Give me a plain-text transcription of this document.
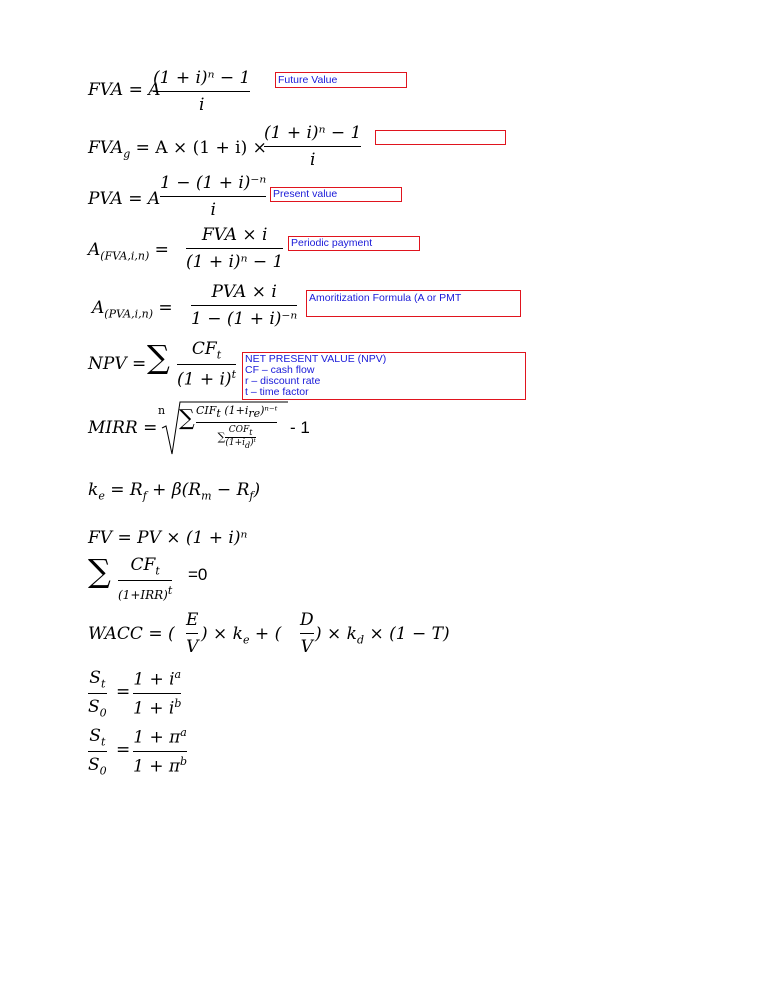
FVA = A
(1 + i)ⁿ − 1
i
Future Value
$FVA_g = A \times (1 + i)$ ×
(1 + i)ⁿ − 1
i
PVA = A
1 − (1 + i)⁻ⁿ
i
Present value
$A_{(FVA,i,n)}$ =
FVA × i
(1 + i)ⁿ − 1
Periodic payment
$A_{(PVA,i,n)}$ =
PVA × i
1 − (1 + i)⁻ⁿ
Amoritization Formula (A or PMT
NPV = ∑	$CF_t$
$(1 + i)^t$
NET PRESENT VALUE (NPV)
CF – cash flow
r – discount rate
t – time factor
MIRR =
n ∑ $CIF_t$ $(1+i_{re})^{n-}ᵗ$
∑
$COF_t$
$(1+i_d)ᵗ$
- 1
$k_e = R_f + \beta(R_m - R_f)$
FV = PV × (1 + i)ⁿ
∑	$CF_t$
$(1+IRR)^t$
=0
WACC = (
E
V
) × $k_e$ + (
D
V
) × $k_d \times (1 - T)$
$S_t$
$S_0$
=
$1 + i^a$
$1 + i^b$
$S_t$
$S_0$
=
$1 + \pi^a$
$1 + \pi^b$
